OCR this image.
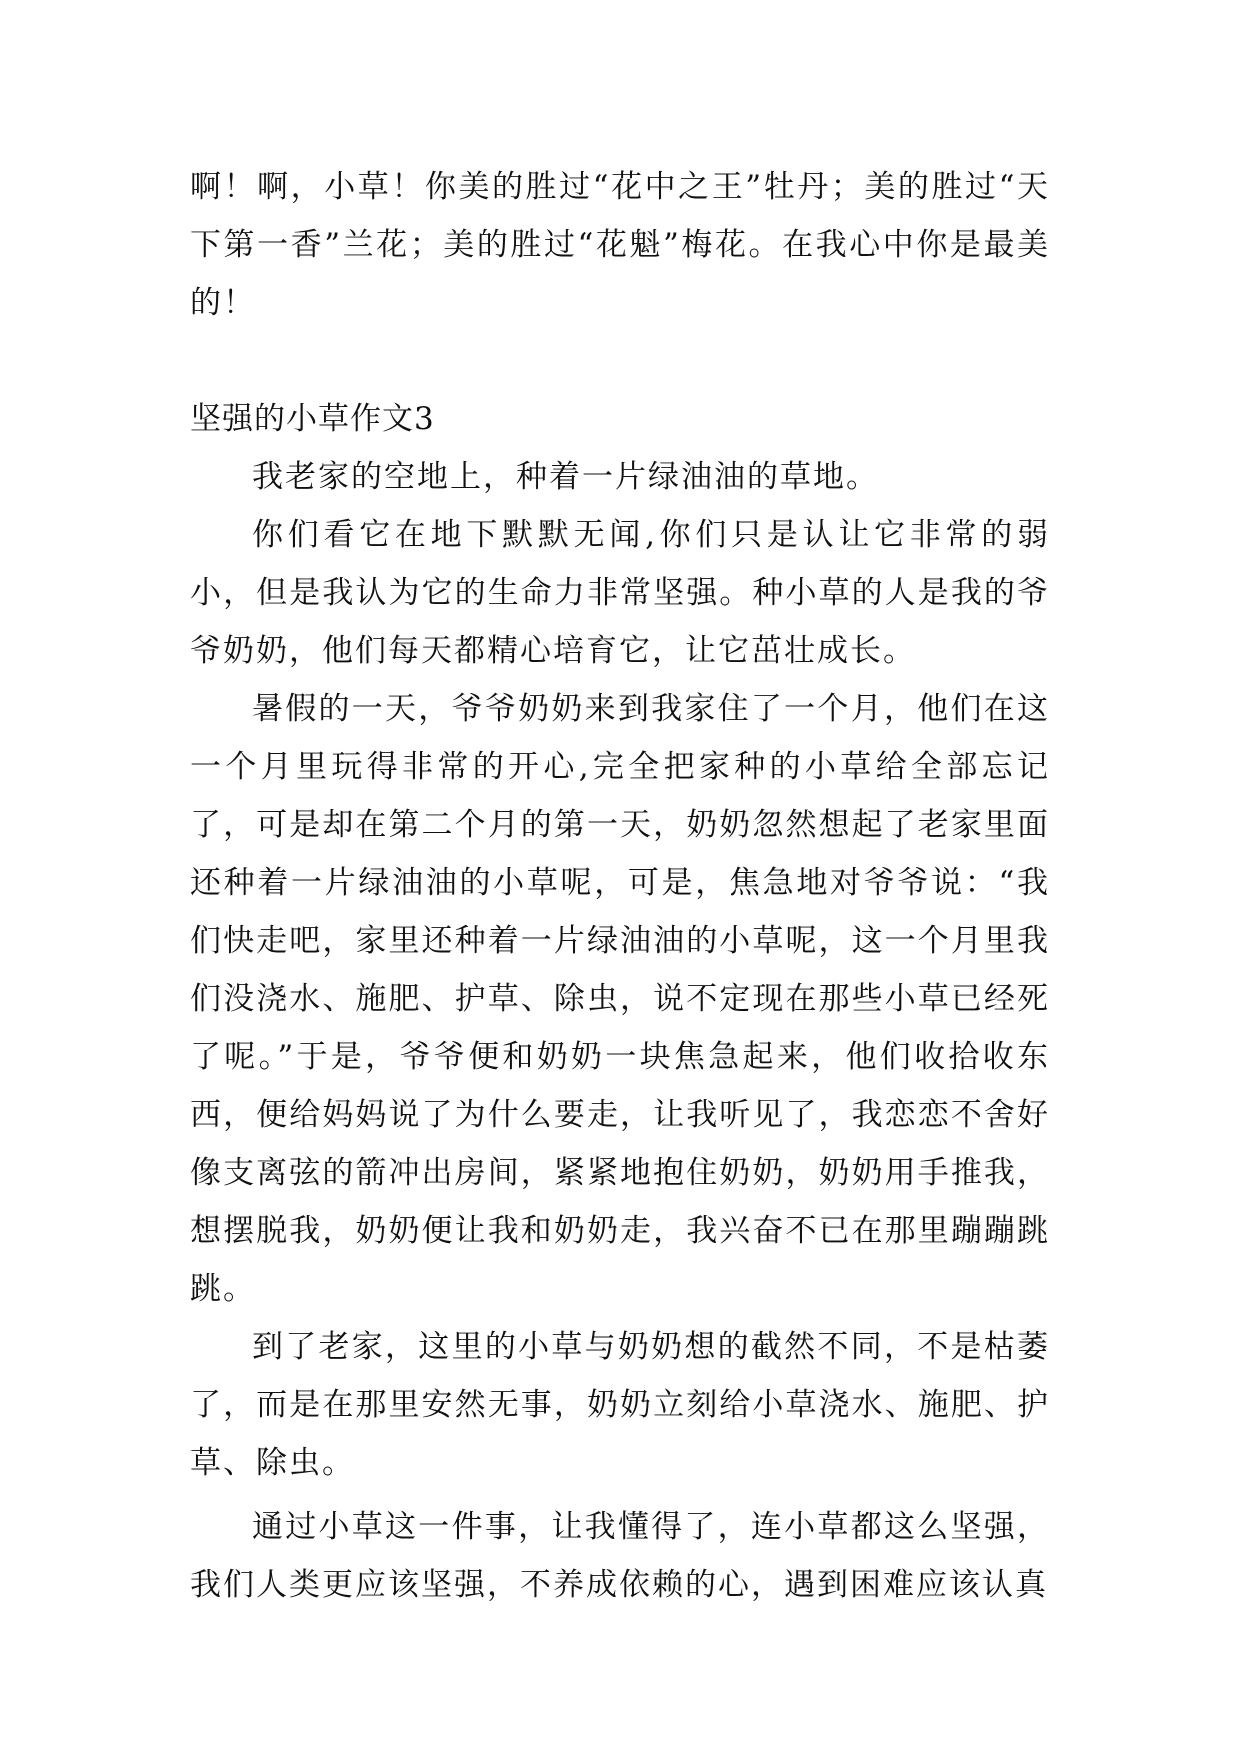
啊！啊，小草！你美的胜过“花中之王”牡丹；美的胜过“天下第一香”兰花；美的胜过“花魁”梅花。在我心中你是最美的！

坚强的小草作文3

我老家的空地上，种着一片绿油油的草地。

你们看它在地下默默无闻,你们只是认让它非常的弱小，但是我认为它的生命力非常坚强。种小草的人是我的爷爷奶奶，他们每天都精心培育它，让它茁壮成长。

暑假的一天，爷爷奶奶来到我家住了一个月，他们在这一个月里玩得非常的开心,完全把家种的小草给全部忘记了，可是却在第二个月的第一天，奶奶忽然想起了老家里面还种着一片绿油油的小草呢，可是，焦急地对爷爷说：“我们快走吧，家里还种着一片绿油油的小草呢，这一个月里我们没浇水、施肥、护草、除虫，说不定现在那些小草已经死了呢。”于是，爷爷便和奶奶一块焦急起来，他们收拾收东西，便给妈妈说了为什么要走，让我听见了，我恋恋不舍好像支离弦的箭冲出房间，紧紧地抱住奶奶，奶奶用手推我，想摆脱我，奶奶便让我和奶奶走，我兴奋不已在那里蹦蹦跳跳。

到了老家，这里的小草与奶奶想的截然不同，不是枯萎了，而是在那里安然无事，奶奶立刻给小草浇水、施肥、护草、除虫。

通过小草这一件事，让我懂得了，连小草都这么坚强，我们人类更应该坚强，不养成依赖的心，遇到困难应该认真
